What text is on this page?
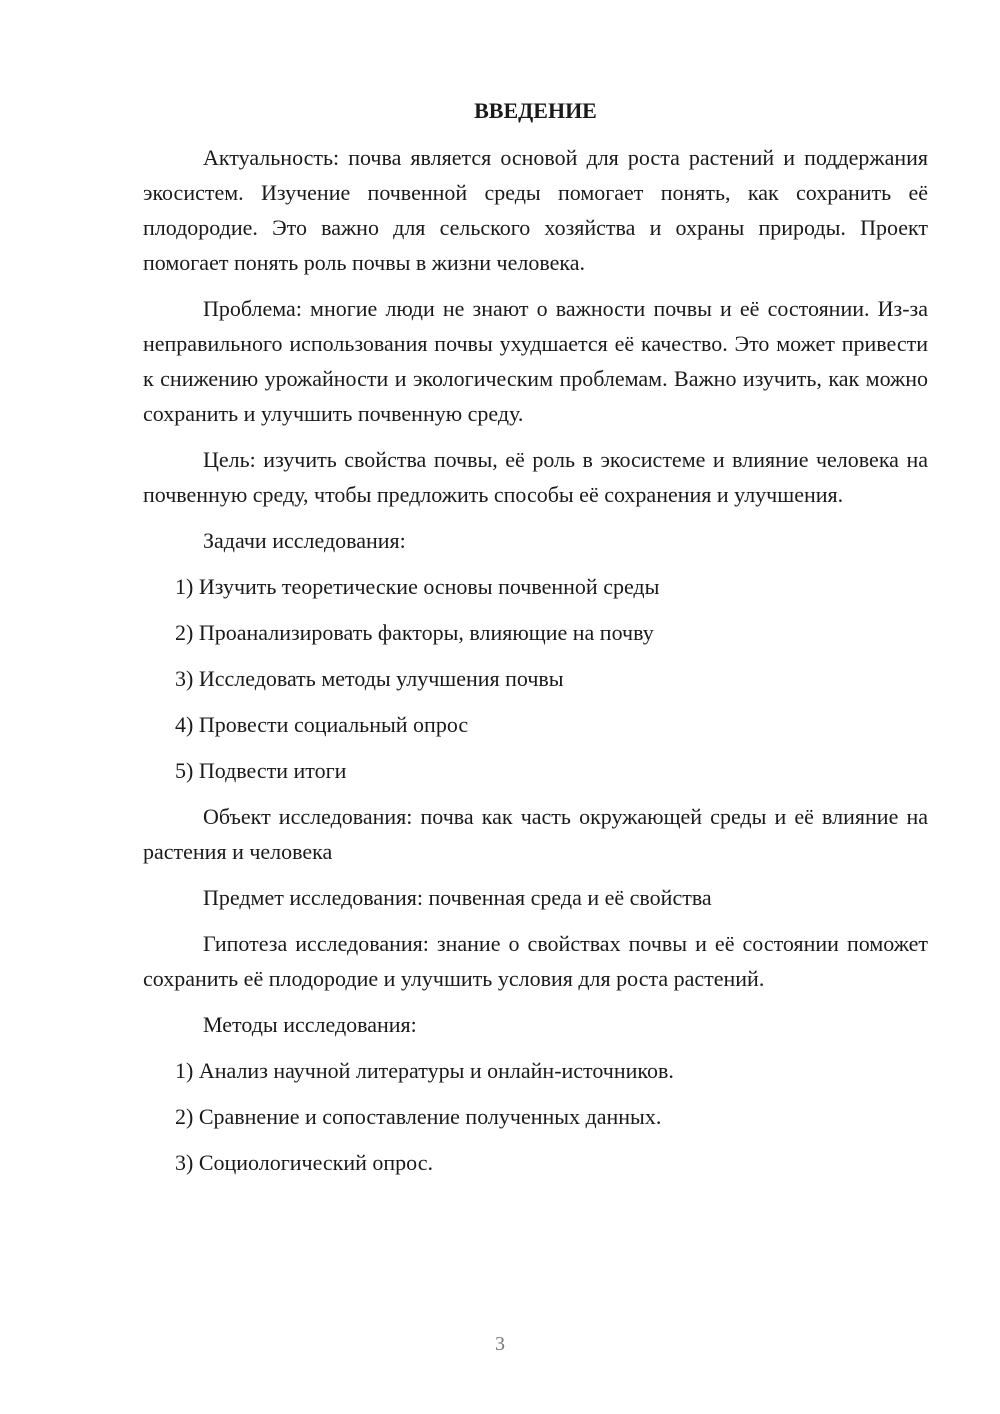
ВВЕДЕНИЕ

Актуальность: почва является основой для роста растений и поддержания экосистем. Изучение почвенной среды помогает понять, как сохранить её плодородие. Это важно для сельского хозяйства и охраны природы. Проект помогает понять роль почвы в жизни человека.

Проблема: многие люди не знают о важности почвы и её состоянии. Из-за неправильного использования почвы ухудшается её качество. Это может привести к снижению урожайности и экологическим проблемам. Важно изучить, как можно сохранить и улучшить почвенную среду.

Цель: изучить свойства почвы, её роль в экосистеме и влияние человека на почвенную среду, чтобы предложить способы её сохранения и улучшения.

Задачи исследования:

1) Изучить теоретические основы почвенной среды

2) Проанализировать факторы, влияющие на почву

3) Исследовать методы улучшения почвы

4) Провести социальный опрос

5) Подвести итоги

Объект исследования: почва как часть окружающей среды и её влияние на растения и человека

Предмет исследования: почвенная среда и её свойства

Гипотеза исследования: знание о свойствах почвы и её состоянии поможет сохранить её плодородие и улучшить условия для роста растений.

Методы исследования:

1) Анализ научной литературы и онлайн-источников.

2) Сравнение и сопоставление полученных данных.

3) Социологический опрос.

3
